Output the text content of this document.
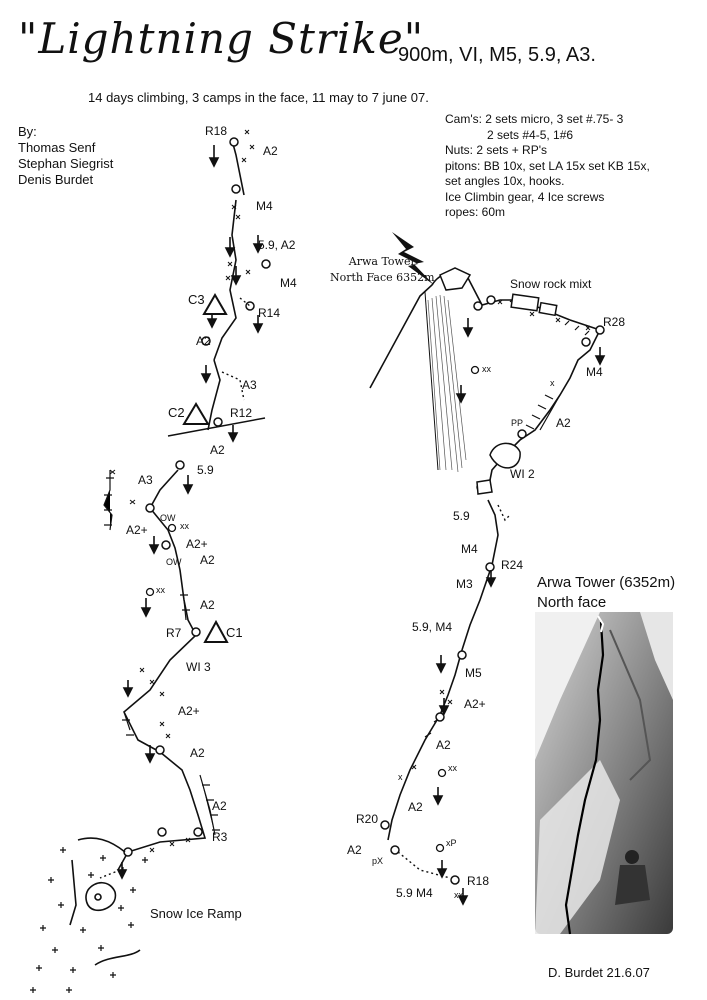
"Lightning Strike"
900m, VI, M5, 5.9, A3.
14 days climbing, 3 camps in the face, 11 may to 7 june 07.
By:
Thomas Senf
Stephan Siegrist
Denis Burdet
Cam's: 2 sets micro, 3 set #.75- 3
2 sets #4-5, 1#6
Nuts: 2 sets + RP's
pitons: BB 10x, set LA 15x set KB 15x,
set angles 10x, hooks.
Ice Climbin gear, 4 Ice screws
ropes: 60m
Arwa Tower
North Face 6352m
R18
A2
M4
5.9, A2
M4
C3
R14
A2
A3
C2	R12
A2
5.9
A3
A2+
A2+
A2
A2
OW
OW
xx
xx
R7	C1
WI 3
A2+
A2
A2
R3
Snow Ice Ramp
Snow rock mixt
R28
M4
A2
WI 2
5.9
M4
R24
M3
5.9, M4
M5
A2+
A2
A2
R20
A2
5.9 M4
R18
xx
PP
x
xx
x
xP
pX
xx
Arwa Tower (6352m)
North face
D. Burdet 21.6.07
